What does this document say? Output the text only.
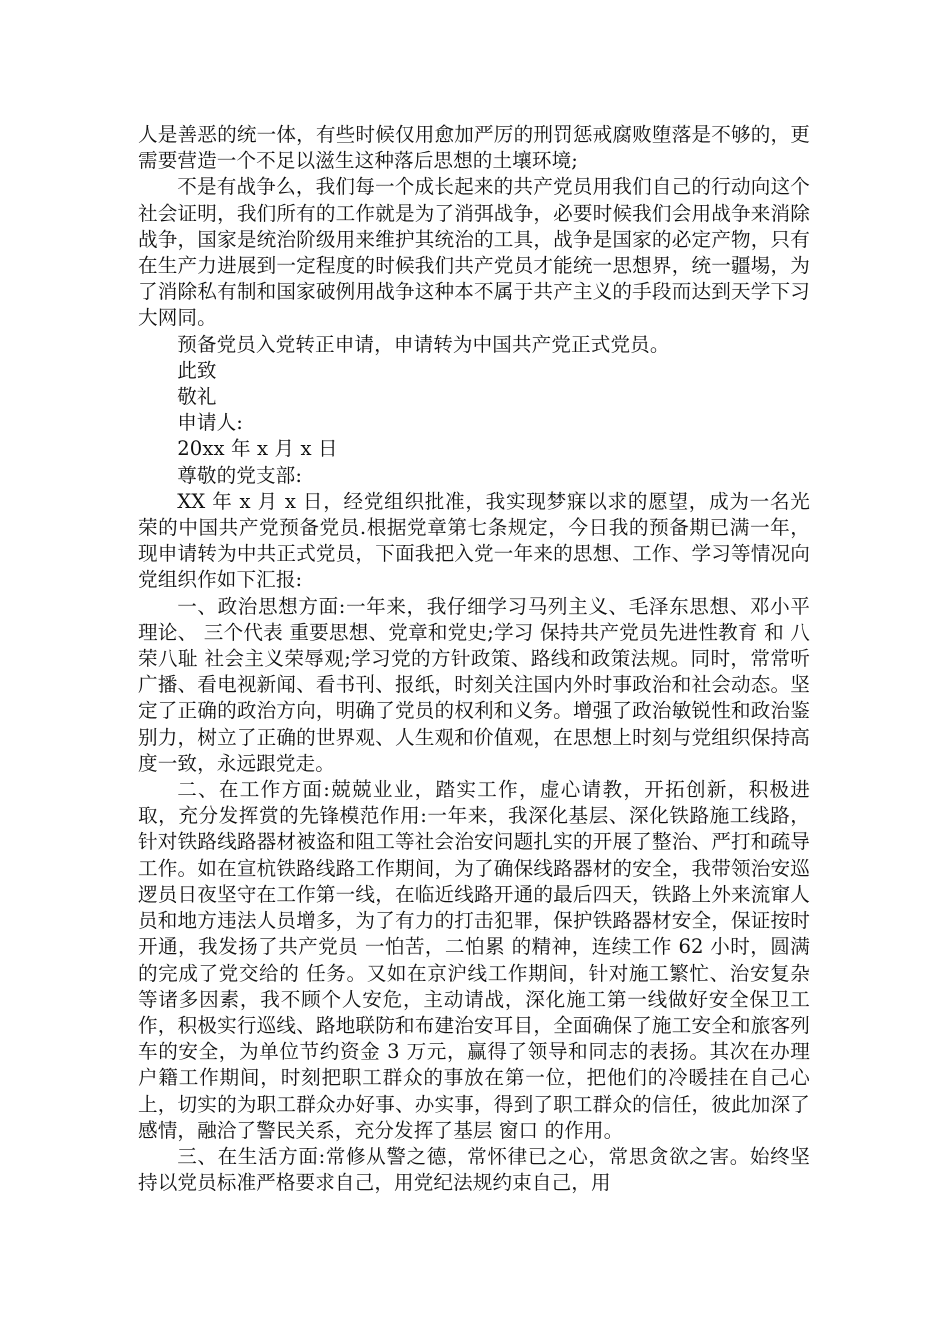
人是善恶的统一体，有些时候仅用愈加严厉的刑罚惩戒腐败堕落是不够的，更需要营造一个不足以滋生这种落后思想的土壤环境;

不是有战争么，我们每一个成长起来的共产党员用我们自己的行动向这个社会证明，我们所有的工作就是为了消弭战争，必要时候我们会用战争来消除战争，国家是统治阶级用来维护其统治的工具，战争是国家的必定产物，只有在生产力进展到一定程度的时候我们共产党员才能统一思想界，统一疆埸，为了消除私有制和国家破例用战争这种本不属于共产主义的手段而达到天学下习大网同。

预备党员入党转正申请，申请转为中国共产党正式党员。

此致

敬礼

申请人:

20xx 年 x 月 x 日

尊敬的党支部:

XX 年 x 月 x 日，经党组织批准，我实现梦寐以求的愿望，成为一名光荣的中国共产党预备党员.根据党章第七条规定，今日我的预备期已满一年，现申请转为中共正式党员，下面我把入党一年来的思想、工作、学习等情况向党组织作如下汇报:

一、政治思想方面:一年来，我仔细学习马列主义、毛泽东思想、邓小平理论、 三个代表 重要思想、党章和党史;学习 保持共产党员先进性教育 和 八荣八耻 社会主义荣辱观;学习党的方针政策、路线和政策法规。同时，常常听广播、看电视新闻、看书刊、报纸，时刻关注国内外时事政治和社会动态。坚定了正确的政治方向，明确了党员的权利和义务。增强了政治敏锐性和政治鉴别力，树立了正确的世界观、人生观和价值观，在思想上时刻与党组织保持高度一致，永远跟党走。

二、在工作方面:兢兢业业，踏实工作，虚心请教，开拓创新，积极进取，充分发挥赏的先锋模范作用:一年来，我深化基层、深化铁路施工线路，针对铁路线路器材被盗和阻工等社会治安问题扎实的开展了整治、严打和疏导工作。如在宣杭铁路线路工作期间，为了确保线路器材的安全，我带领治安巡逻员日夜坚守在工作第一线，在临近线路开通的最后四天，铁路上外来流窜人员和地方违法人员增多，为了有力的打击犯罪，保护铁路器材安全，保证按时开通，我发扬了共产党员 一怕苦，二怕累 的精神，连续工作 62 小时，圆满的完成了党交给的 任务。又如在京沪线工作期间，针对施工繁忙、治安复杂等诸多因素，我不顾个人安危，主动请战，深化施工第一线做好安全保卫工作，积极实行巡线、路地联防和布建治安耳目，全面确保了施工安全和旅客列车的安全，为单位节约资金 3 万元，赢得了领导和同志的表扬。其次在办理户籍工作期间，时刻把职工群众的事放在第一位，把他们的冷暖挂在自己心上，切实的为职工群众办好事、办实事，得到了职工群众的信任，彼此加深了感情，融洽了警民关系，充分发挥了基层 窗口 的作用。

三、在生活方面:常修从警之德，常怀律已之心，常思贪欲之害。始终坚持以党员标准严格要求自己，用党纪法规约束自己，用
